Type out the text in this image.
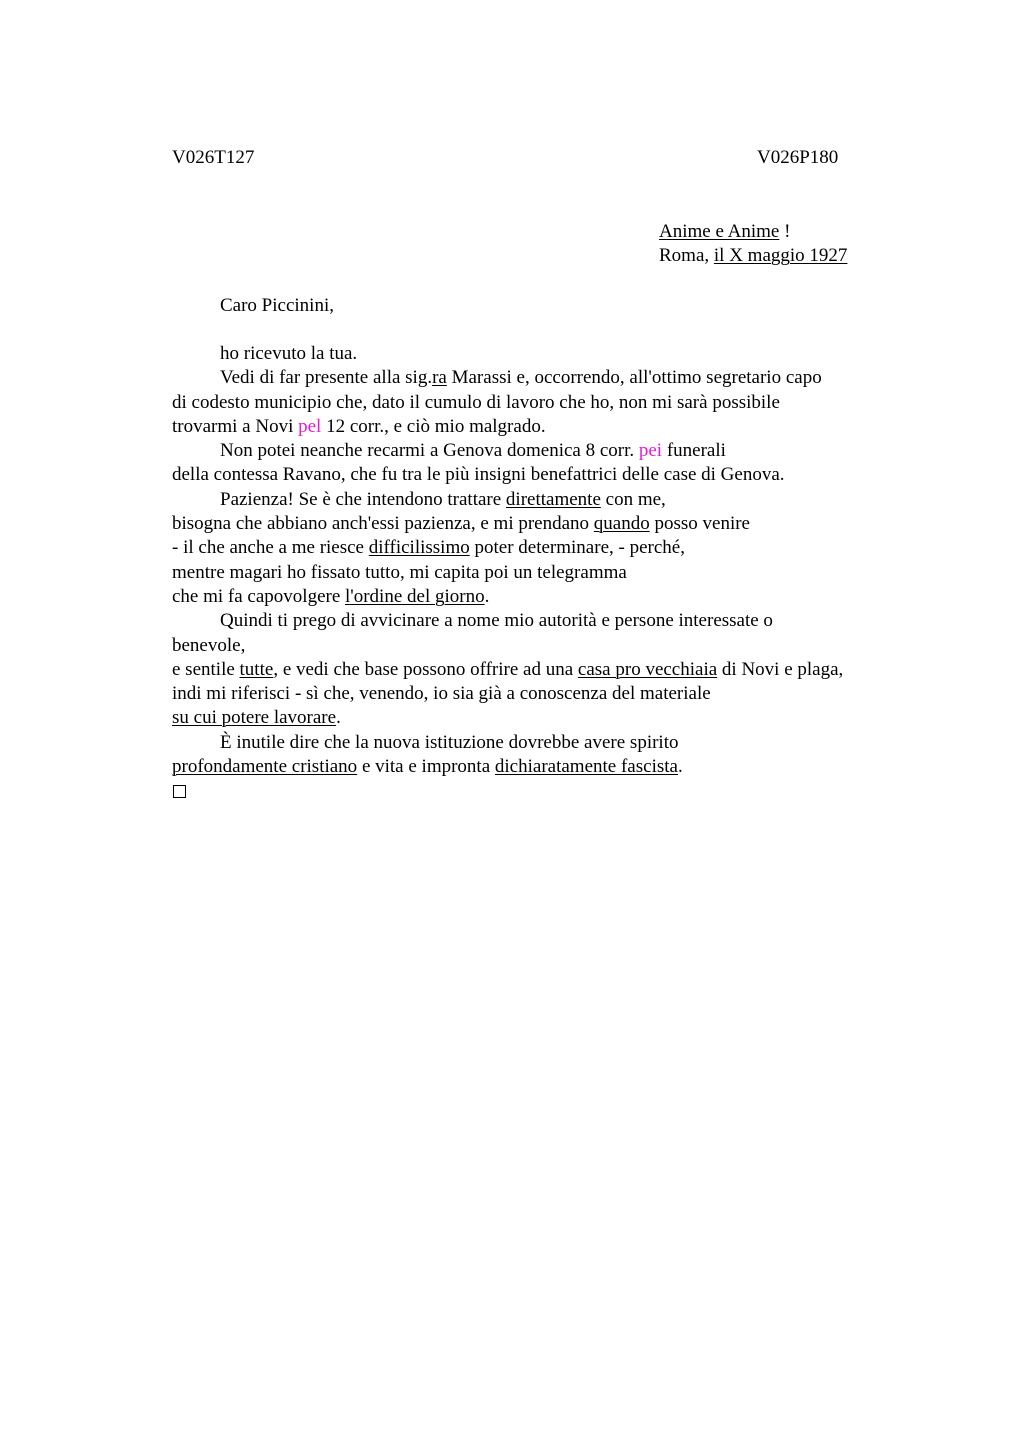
V026T127	V026P180
Anime e Anime !
Roma, il X maggio 1927
Caro Piccinini,
ho ricevuto la tua.
Vedi di far presente alla sig.ra Marassi e, occorrendo, all'ottimo segretario capo
di codesto municipio che, dato il cumulo di lavoro che ho, non mi sarà possibile
trovarmi a Novi pel 12 corr., e ciò mio malgrado.
Non potei neanche recarmi a Genova domenica 8 corr. pei funerali
della contessa Ravano, che fu tra le più insigni benefattrici delle case di Genova.
Pazienza! Se è che intendono trattare direttamente con me,
bisogna che abbiano anch'essi pazienza, e mi prendano quando posso venire
- il che anche a me riesce difficilissimo poter determinare, - perché,
mentre magari ho fissato tutto, mi capita poi un telegramma
che mi fa capovolgere l'ordine del giorno.
Quindi ti prego di avvicinare a nome mio autorità e persone interessate o
benevole,
e sentile tutte, e vedi che base possono offrire ad una casa pro vecchiaia di Novi e plaga,
indi mi riferisci - sì che, venendo, io sia già a conoscenza del materiale
su cui potere lavorare.
È inutile dire che la nuova istituzione dovrebbe avere spirito
profondamente cristiano e vita e impronta dichiaratamente fascista.
